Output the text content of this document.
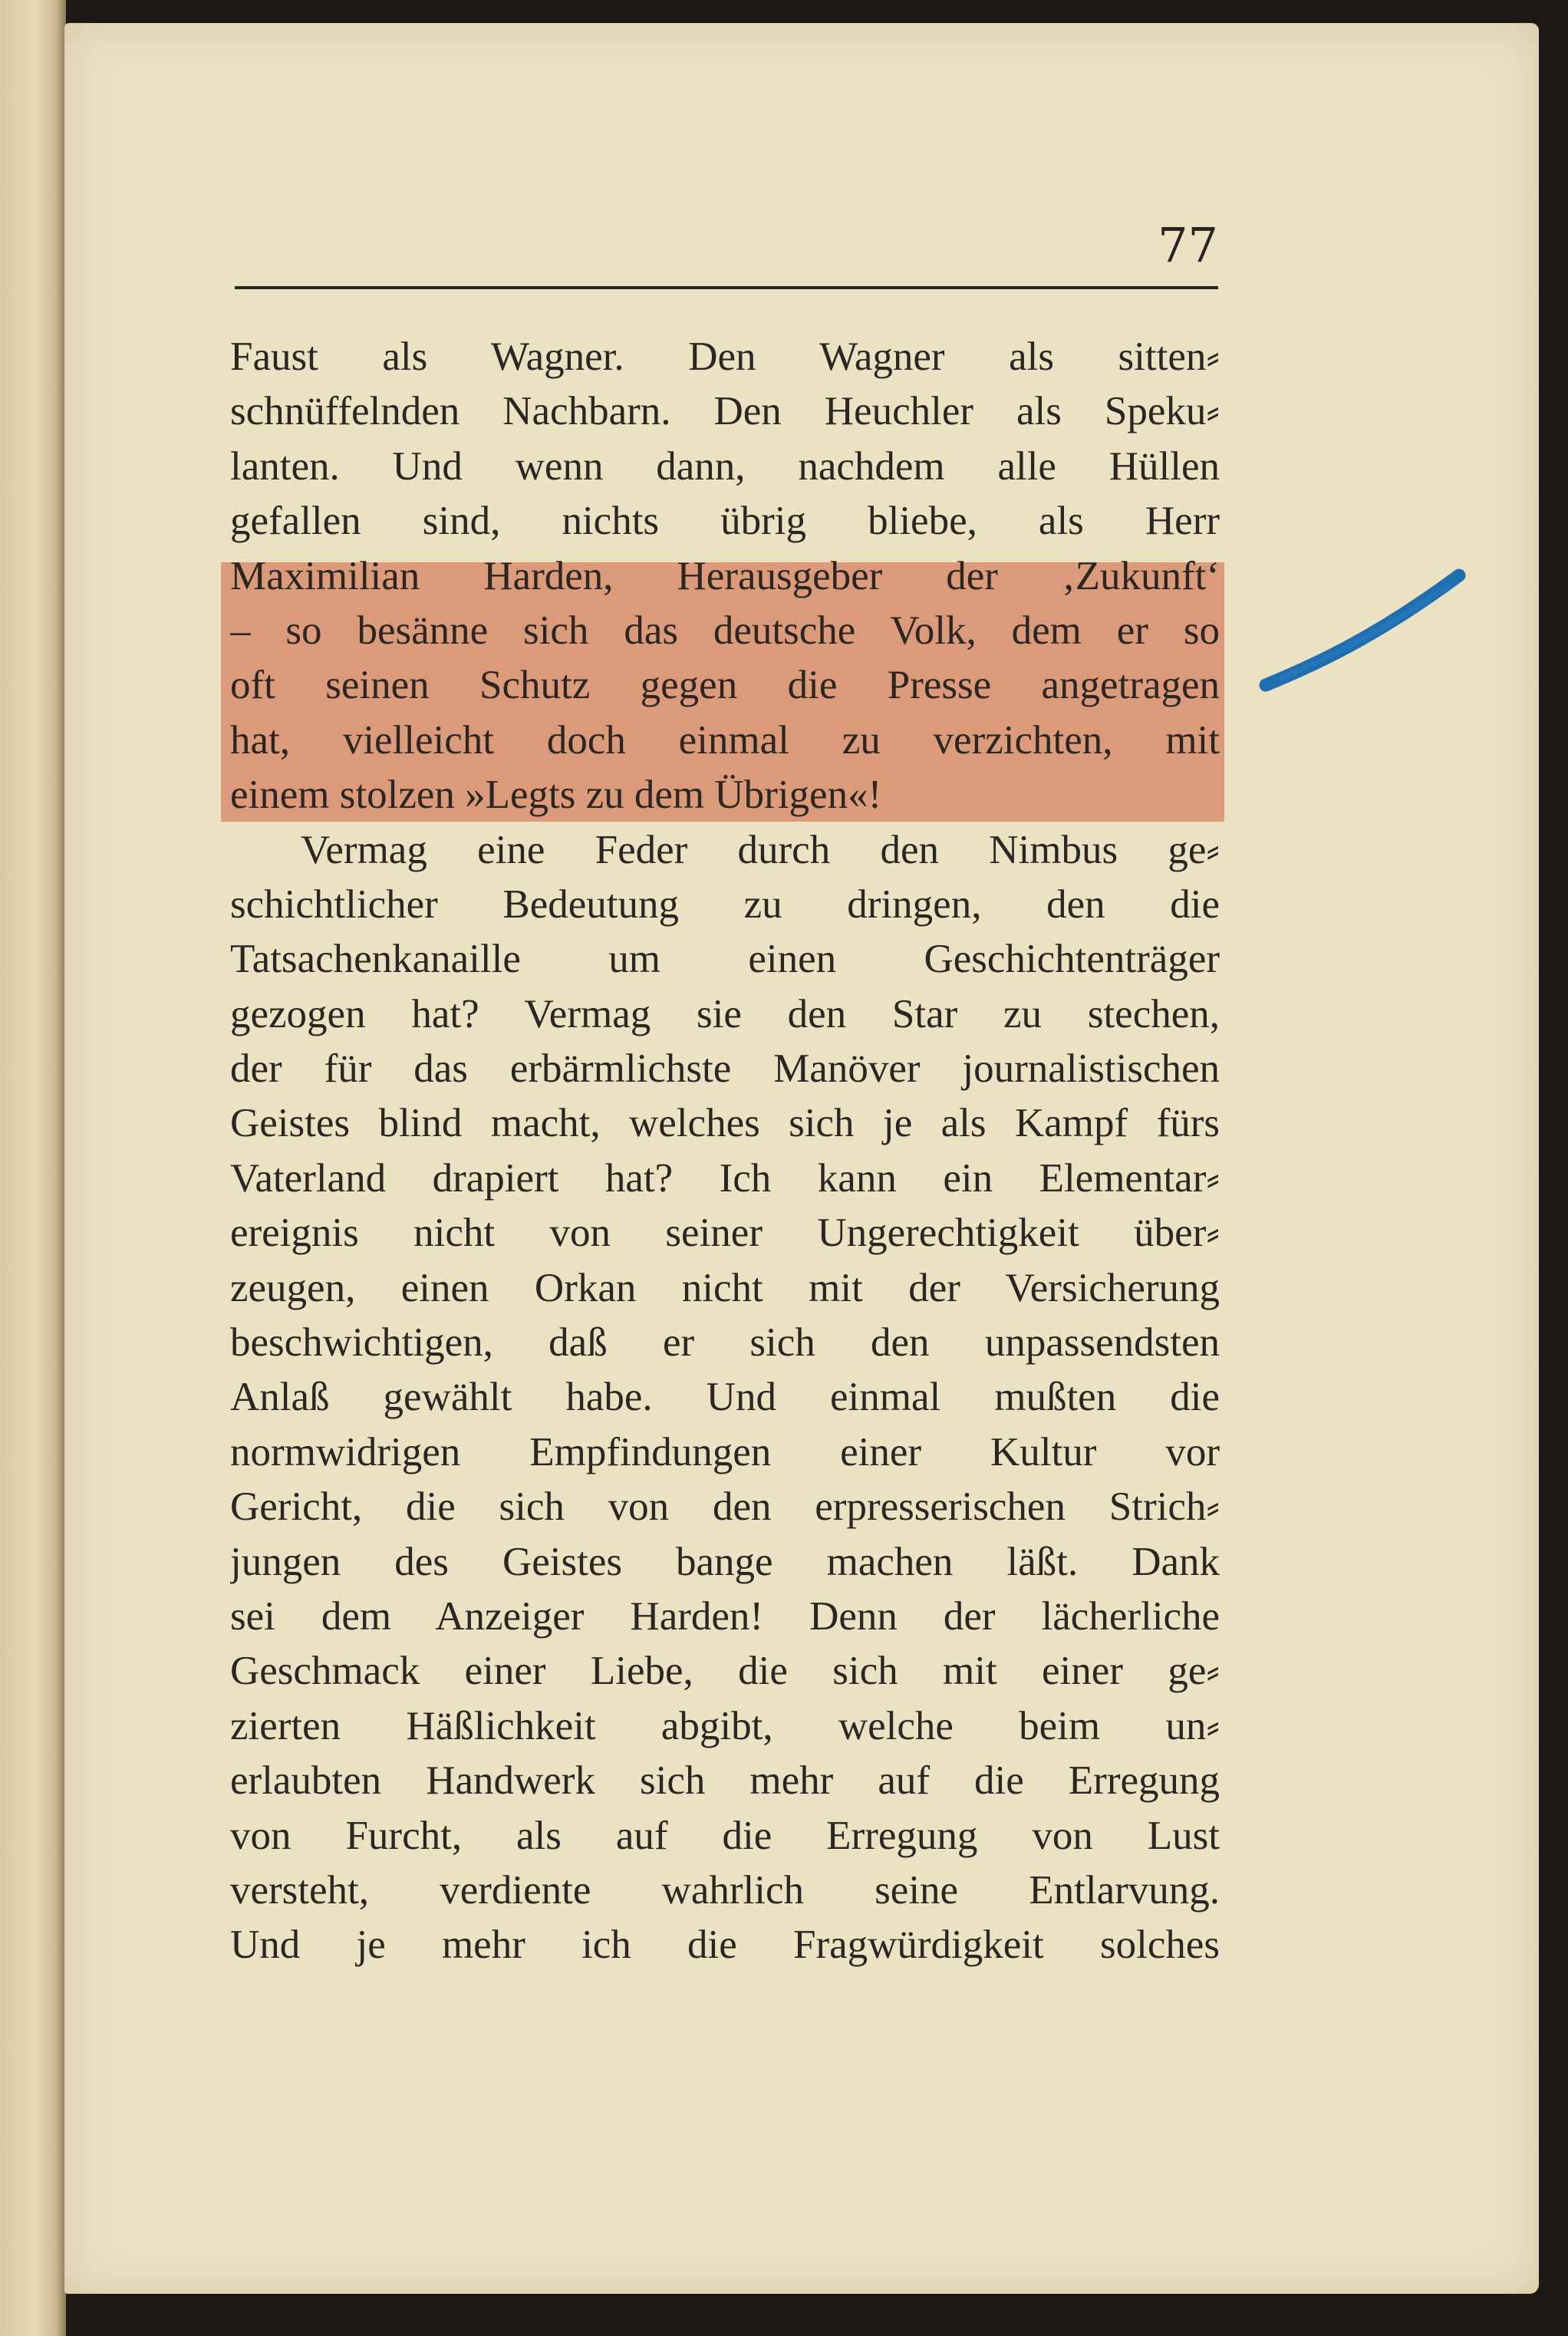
77
Faust als Wagner. Den Wagner als sitten⸗
schnüffelnden Nachbarn. Den Heuchler als Speku⸗
lanten. Und wenn dann, nachdem alle Hüllen
gefallen sind, nichts übrig bliebe, als Herr
Maximilian Harden, Herausgeber der ‚Zukunft‘
– so besänne sich das deutsche Volk, dem er so
oft seinen Schutz gegen die Presse angetragen
hat, vielleicht doch einmal zu verzichten, mit
einem stolzen »Legts zu dem Übrigen«!
Vermag eine Feder durch den Nimbus ge⸗
schichtlicher Bedeutung zu dringen, den die
Tatsachenkanaille um einen Geschichtenträger
gezogen hat? Vermag sie den Star zu stechen,
der für das erbärmlichste Manöver journalistischen
Geistes blind macht, welches sich je als Kampf fürs
Vaterland drapiert hat? Ich kann ein Elementar⸗
ereignis nicht von seiner Ungerechtigkeit über⸗
zeugen, einen Orkan nicht mit der Versicherung
beschwichtigen, daß er sich den unpassendsten
Anlaß gewählt habe. Und einmal mußten die
normwidrigen Empfindungen einer Kultur vor
Gericht, die sich von den erpresserischen Strich⸗
jungen des Geistes bange machen läßt. Dank
sei dem Anzeiger Harden! Denn der lächerliche
Geschmack einer Liebe, die sich mit einer ge⸗
zierten Häßlichkeit abgibt, welche beim un⸗
erlaubten Handwerk sich mehr auf die Erregung
von Furcht, als auf die Erregung von Lust
versteht, verdiente wahrlich seine Entlarvung.
Und je mehr ich die Fragwürdigkeit solches
